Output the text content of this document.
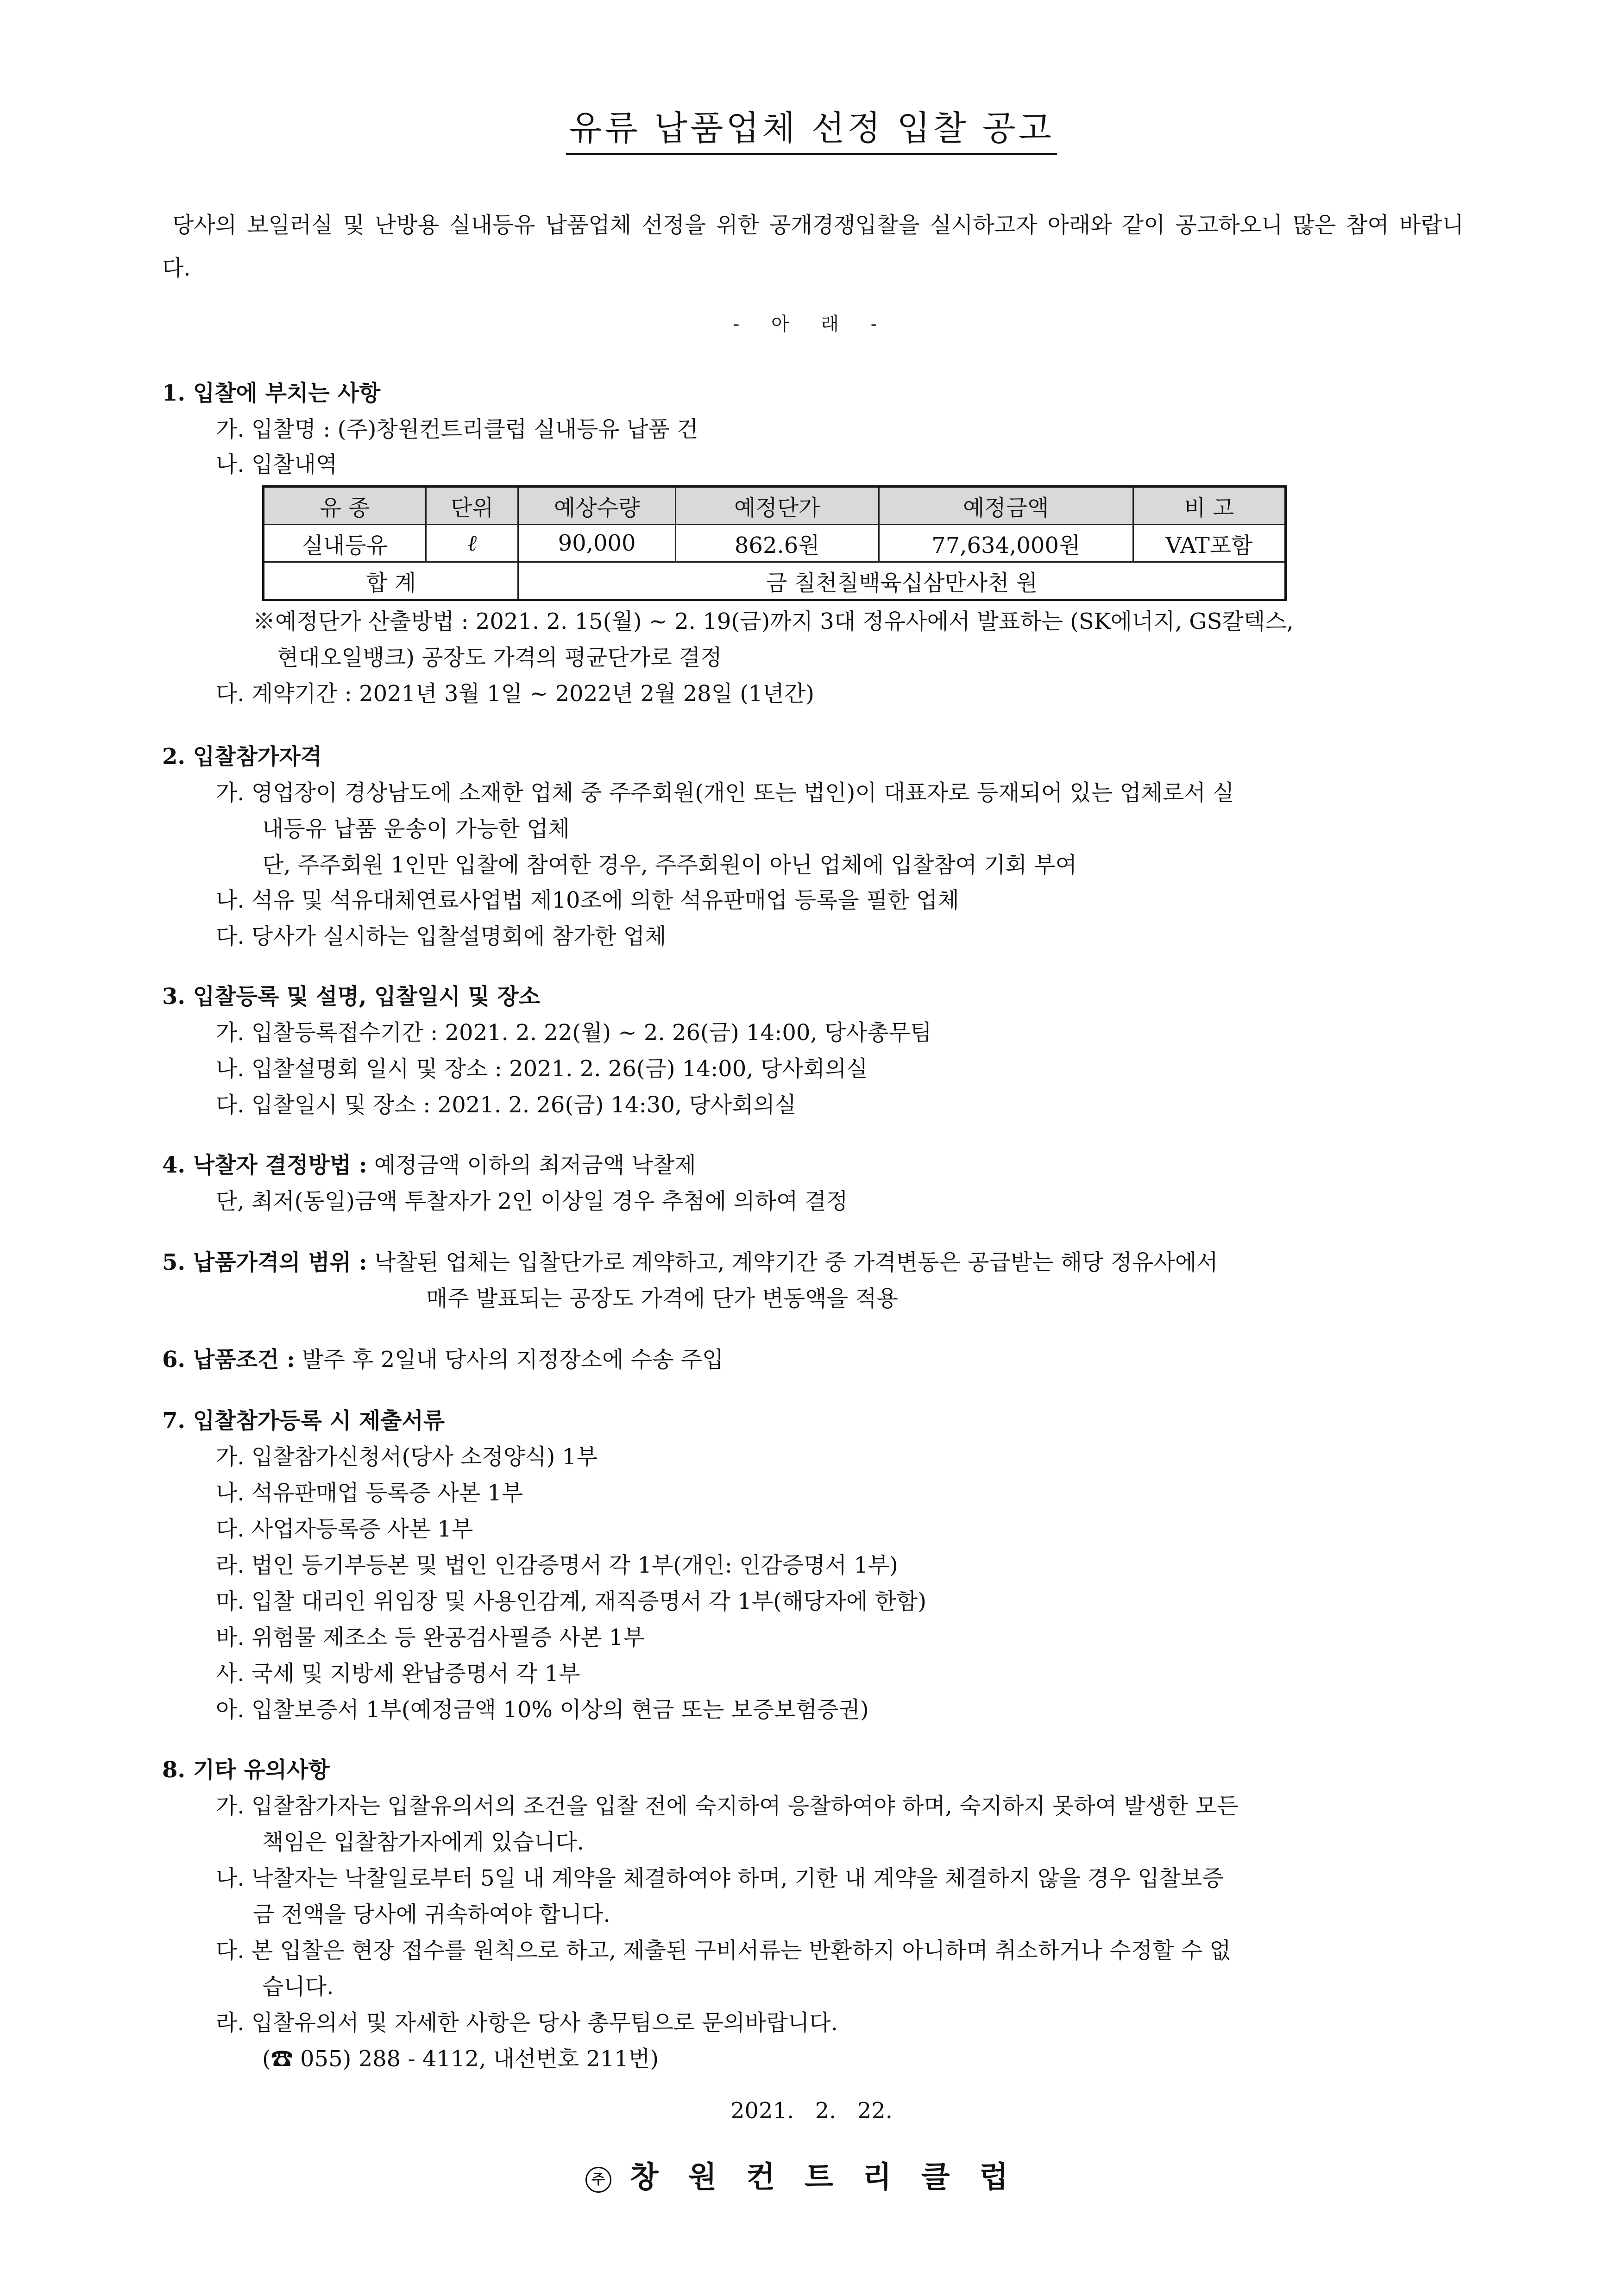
유류 납품업체 선정 입찰 공고
당사의 보일러실 및 난방용 실내등유 납품업체 선정을 위한 공개경쟁입찰을 실시하고자 아래와 같이 공고하오니 많은 참여 바랍니다.
- 아 래 -
1. 입찰에 부치는 사항
가. 입찰명 : (주)창원컨트리클럽 실내등유 납품 건
나. 입찰내역
유 종	단위	예상수량	예정단가	예정금액	비 고
실내등유	ℓ	90,000	862.6원	77,634,000원	VAT포함
합 계		금 칠천칠백육십삼만사천 원			
※예정단가 산출방법 : 2021. 2. 15(월) ~ 2. 19(금)까지 3대 정유사에서 발표하는 (SK에너지, GS칼텍스,
현대오일뱅크) 공장도 가격의 평균단가로 결정
다. 계약기간 : 2021년 3월 1일 ~ 2022년 2월 28일 (1년간)
2. 입찰참가자격
가. 영업장이 경상남도에 소재한 업체 중 주주회원(개인 또는 법인)이 대표자로 등재되어 있는 업체로서 실
내등유 납품 운송이 가능한 업체
단, 주주회원 1인만 입찰에 참여한 경우, 주주회원이 아닌 업체에 입찰참여 기회 부여
나. 석유 및 석유대체연료사업법 제10조에 의한 석유판매업 등록을 필한 업체
다. 당사가 실시하는 입찰설명회에 참가한 업체
3. 입찰등록 및 설명, 입찰일시 및 장소
가. 입찰등록접수기간 : 2021. 2. 22(월) ~ 2. 26(금) 14:00, 당사총무팀
나. 입찰설명회 일시 및 장소 : 2021. 2. 26(금) 14:00, 당사회의실
다. 입찰일시 및 장소 : 2021. 2. 26(금) 14:30, 당사회의실
4. 낙찰자 결정방법 : 예정금액 이하의 최저금액 낙찰제
단, 최저(동일)금액 투찰자가 2인 이상일 경우 추첨에 의하여 결정
5. 납품가격의 범위 : 낙찰된 업체는 입찰단가로 계약하고, 계약기간 중 가격변동은 공급받는 해당 정유사에서
매주 발표되는 공장도 가격에 단가 변동액을 적용
6. 납품조건 : 발주 후 2일내 당사의 지정장소에 수송 주입
7. 입찰참가등록 시 제출서류
가. 입찰참가신청서(당사 소정양식) 1부
나. 석유판매업 등록증 사본 1부
다. 사업자등록증 사본 1부
라. 법인 등기부등본 및 법인 인감증명서 각 1부(개인: 인감증명서 1부)
마. 입찰 대리인 위임장 및 사용인감계, 재직증명서 각 1부(해당자에 한함)
바. 위험물 제조소 등 완공검사필증 사본 1부
사. 국세 및 지방세 완납증명서 각 1부
아. 입찰보증서 1부(예정금액 10% 이상의 현금 또는 보증보험증권)
8. 기타 유의사항
가. 입찰참가자는 입찰유의서의 조건을 입찰 전에 숙지하여 응찰하여야 하며, 숙지하지 못하여 발생한 모든
책임은 입찰참가자에게 있습니다.
나. 낙찰자는 낙찰일로부터 5일 내 계약을 체결하여야 하며, 기한 내 계약을 체결하지 않을 경우 입찰보증
금 전액을 당사에 귀속하여야 합니다.
다. 본 입찰은 현장 접수를 원칙으로 하고, 제출된 구비서류는 반환하지 아니하며 취소하거나 수정할 수 없
습니다.
라. 입찰유의서 및 자세한 사항은 당사 총무팀으로 문의바랍니다.
(☎ 055) 288 - 4112, 내선번호 211번)
2021. 2. 22.
주 창원컨트리클럽
